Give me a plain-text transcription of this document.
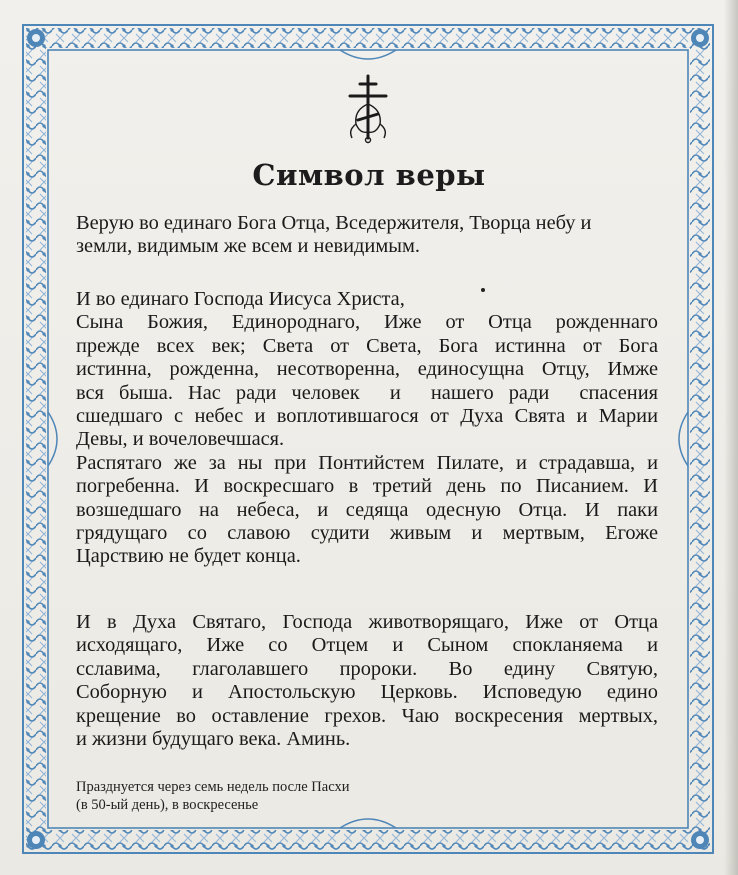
Символ веры

Верую во единаго Бога Отца, Вседержителя, Творца небу и

земли, видимым же всем и невидимым.

И во единаго Господа Иисуса Христа,

Сына Божия, Единороднаго, Иже от Отца рожденнаго

прежде всех век; Света от Света, Бога истинна от Бога

истинна, рожденна, несотворенна, единосущна Отцу, Имже

вся быша. Нас ради человек  и  нашего ради  спасения

сшедшаго с небес и воплотившагося от Духа Свята и Марии

Девы, и вочеловечшася.

Распятаго же за ны при Понтийстем Пилате, и страдавша, и

погребенна. И воскресшаго в третий день по Писанием. И

возшедшаго на небеса, и седяща одесную Отца. И паки

грядущаго со славою судити живым и мертвым, Егоже

Царствию не будет конца.

И в Духа Святаго, Господа животворящаго, Иже от Отца

исходящаго, Иже со Отцем и Сыном спокланяема и

сславима, глаголавшего пророки. Во едину Святую,

Соборную и Апостольскую Церковь. Исповедую едино

крещение во оставление грехов. Чаю воскресения мертвых,

и жизни будущаго века. Аминь.

Празднуется через семь недель после Пасхи
(в 50-ый день), в воскресенье
